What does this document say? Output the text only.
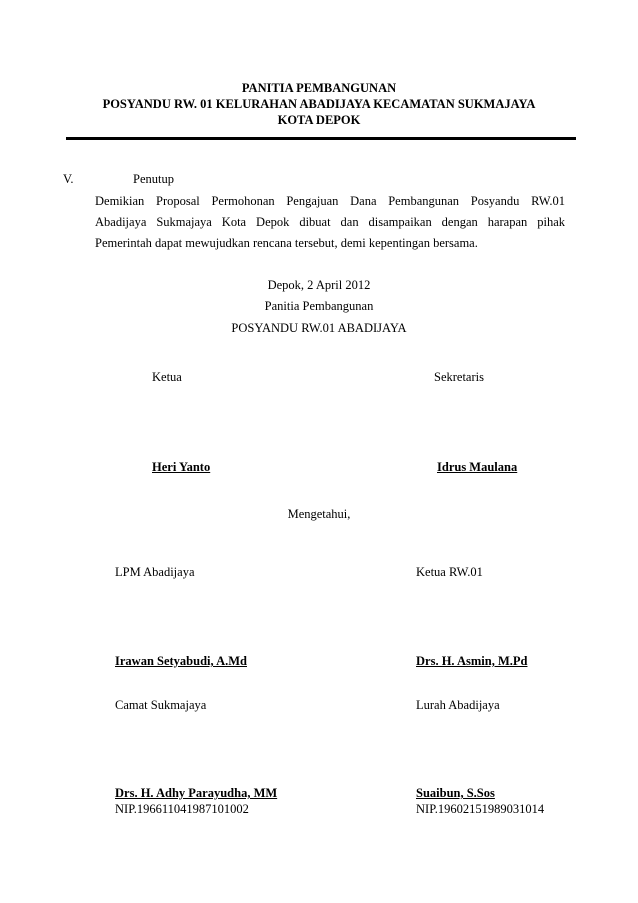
PANITIA PEMBANGUNAN
POSYANDU RW. 01 KELURAHAN ABADIJAYA KECAMATAN SUKMAJAYA
KOTA DEPOK
V.	Penutup
Demikian Proposal Permohonan Pengajuan Dana Pembangunan Posyandu RW.01
Abadijaya Sukmajaya Kota Depok dibuat dan disampaikan dengan harapan pihak
Pemerintah dapat mewujudkan rencana tersebut, demi kepentingan bersama.
Depok, 2 April 2012
Panitia Pembangunan
POSYANDU RW.01 ABADIJAYA
Ketua	Sekretaris
Heri Yanto	Idrus Maulana
Mengetahui,
LPM Abadijaya	Ketua RW.01
Irawan Setyabudi, A.Md	Drs. H. Asmin, M.Pd
Camat Sukmajaya	Lurah Abadijaya
Drs. H. Adhy Parayudha, MM	Suaibun, S.Sos
NIP.196611041987101002	NIP.19602151989031014
